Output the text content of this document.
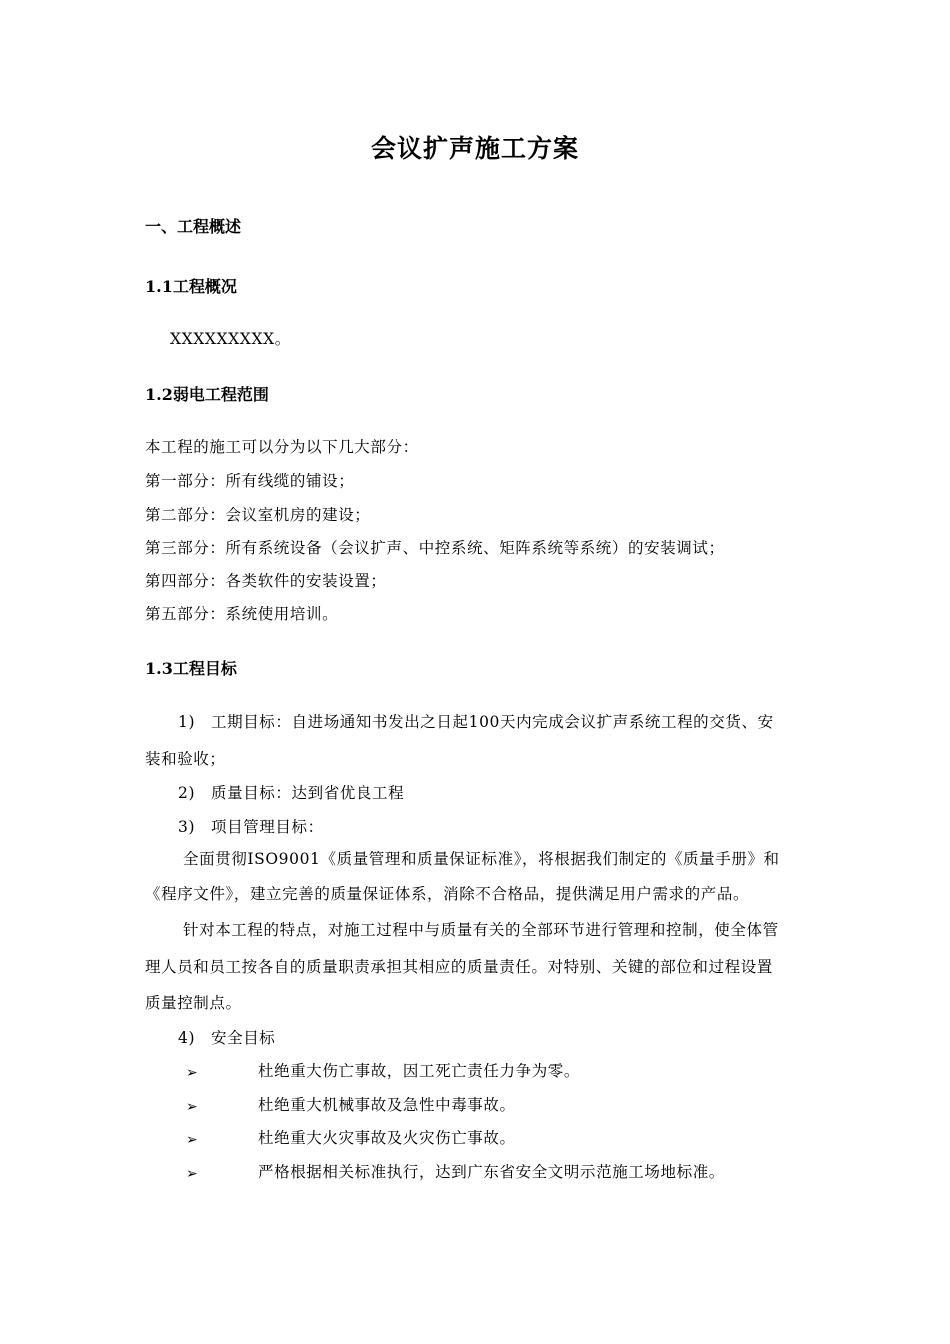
会议扩声施工方案
一、工程概述
1.1工程概况
XXXXXXXXX。
1.2弱电工程范围
本工程的施工可以分为以下几大部分：
第一部分：所有线缆的铺设；
第二部分：会议室机房的建设；
第三部分：所有系统设备（会议扩声、中控系统、矩阵系统等系统）的安装调试；
第四部分：各类软件的安装设置；
第五部分：系统使用培训。
1.3工程目标
1) 工期目标：自进场通知书发出之日起100天内完成会议扩声系统工程的交货、安
装和验收；
2) 质量目标：达到省优良工程
3) 项目管理目标：
全面贯彻ISO9001《质量管理和质量保证标准》，将根据我们制定的《质量手册》和
《程序文件》，建立完善的质量保证体系，消除不合格品，提供满足用户需求的产品。
针对本工程的特点，对施工过程中与质量有关的全部环节进行管理和控制，使全体管
理人员和员工按各自的质量职责承担其相应的质量责任。对特别、关键的部位和过程设置
质量控制点。
4) 安全目标
➢	杜绝重大伤亡事故，因工死亡责任力争为零。
➢	杜绝重大机械事故及急性中毒事故。
➢	杜绝重大火灾事故及火灾伤亡事故。
➢	严格根据相关标准执行，达到广东省安全文明示范施工场地标准。
